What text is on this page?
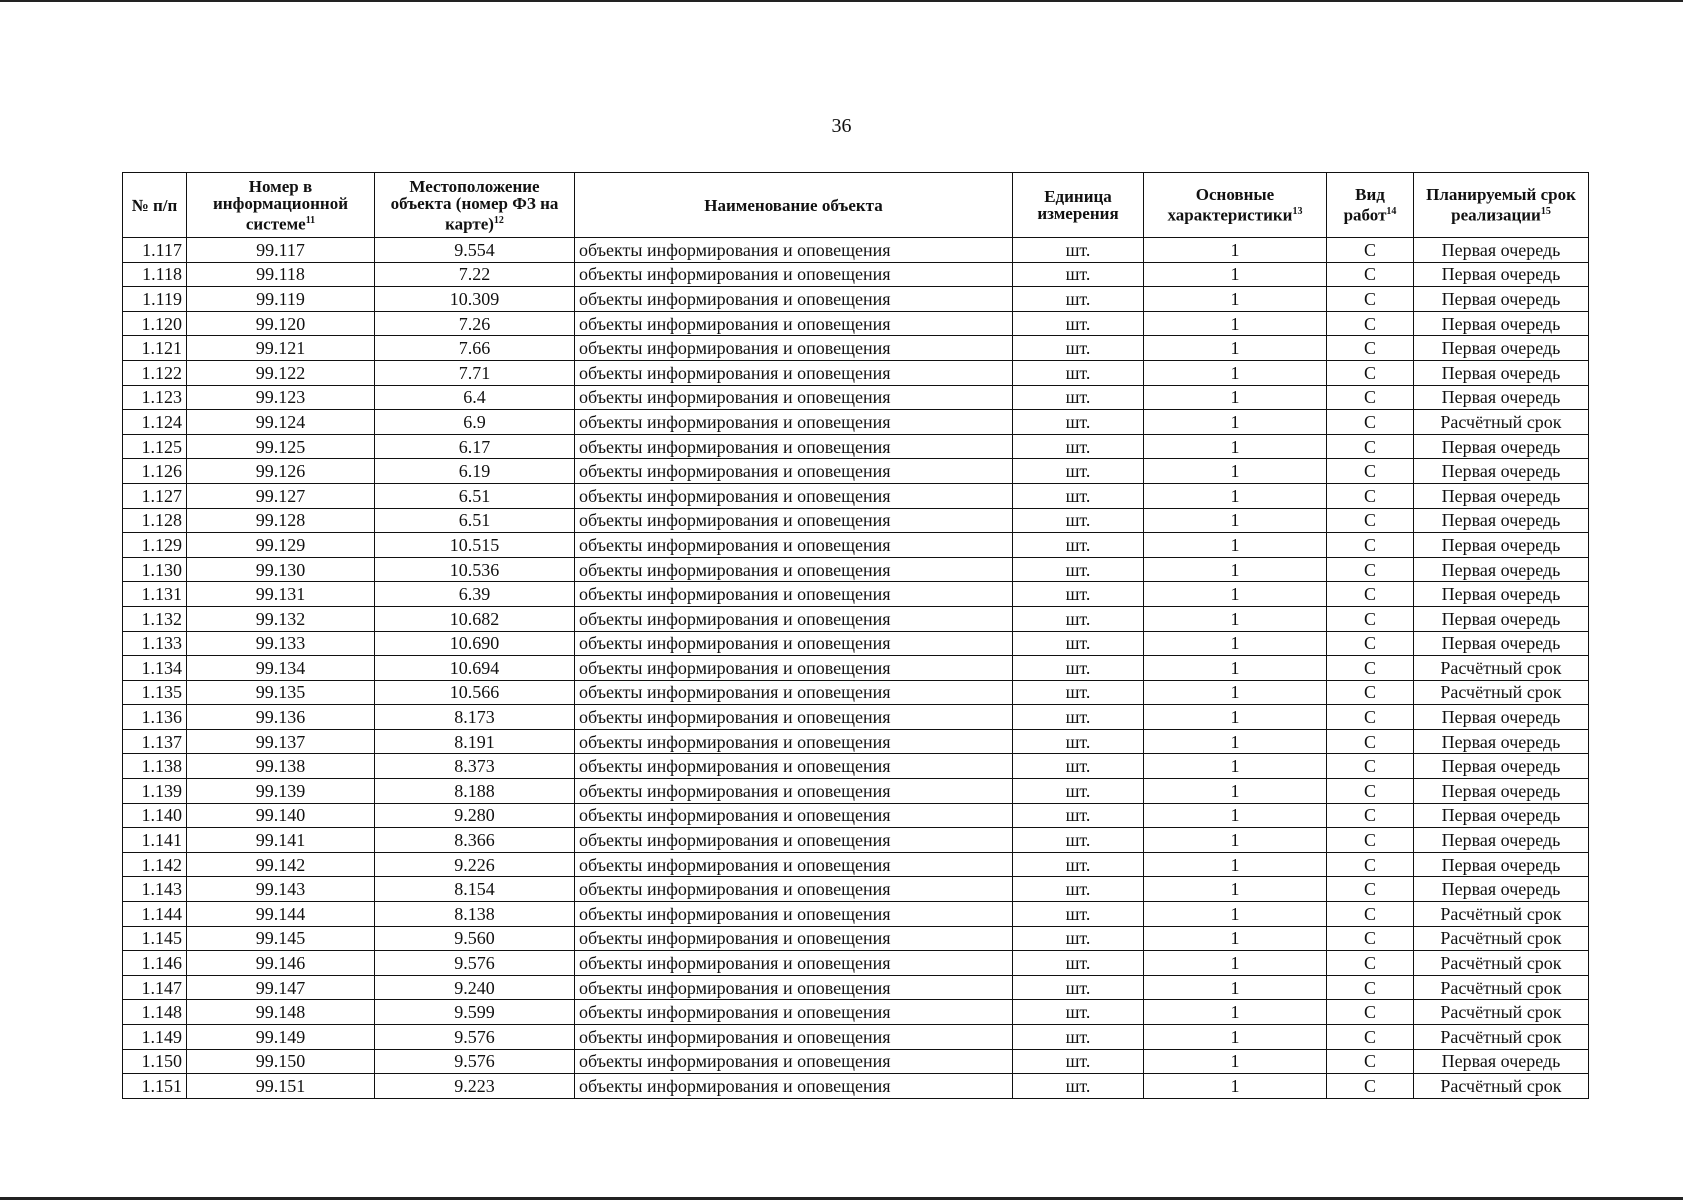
36
№ п/п	Номер в информационной системе$^{11}$	Местоположение объекта (номер ФЗ на карте)$^{12}$	Наименование объекта	Единица измерения	Основные характеристики$^{13}$	Вид работ$^{14}$	Планируемый срок реализации$^{15}$
1.117	99.117	9.554	объекты информирования и оповещения	шт.	1	С	Первая очередь
1.118	99.118	7.22	объекты информирования и оповещения	шт.	1	С	Первая очередь
1.119	99.119	10.309	объекты информирования и оповещения	шт.	1	С	Первая очередь
1.120	99.120	7.26	объекты информирования и оповещения	шт.	1	С	Первая очередь
1.121	99.121	7.66	объекты информирования и оповещения	шт.	1	С	Первая очередь
1.122	99.122	7.71	объекты информирования и оповещения	шт.	1	С	Первая очередь
1.123	99.123	6.4	объекты информирования и оповещения	шт.	1	С	Первая очередь
1.124	99.124	6.9	объекты информирования и оповещения	шт.	1	С	Расчётный срок
1.125	99.125	6.17	объекты информирования и оповещения	шт.	1	С	Первая очередь
1.126	99.126	6.19	объекты информирования и оповещения	шт.	1	С	Первая очередь
1.127	99.127	6.51	объекты информирования и оповещения	шт.	1	С	Первая очередь
1.128	99.128	6.51	объекты информирования и оповещения	шт.	1	С	Первая очередь
1.129	99.129	10.515	объекты информирования и оповещения	шт.	1	С	Первая очередь
1.130	99.130	10.536	объекты информирования и оповещения	шт.	1	С	Первая очередь
1.131	99.131	6.39	объекты информирования и оповещения	шт.	1	С	Первая очередь
1.132	99.132	10.682	объекты информирования и оповещения	шт.	1	С	Первая очередь
1.133	99.133	10.690	объекты информирования и оповещения	шт.	1	С	Первая очередь
1.134	99.134	10.694	объекты информирования и оповещения	шт.	1	С	Расчётный срок
1.135	99.135	10.566	объекты информирования и оповещения	шт.	1	С	Расчётный срок
1.136	99.136	8.173	объекты информирования и оповещения	шт.	1	С	Первая очередь
1.137	99.137	8.191	объекты информирования и оповещения	шт.	1	С	Первая очередь
1.138	99.138	8.373	объекты информирования и оповещения	шт.	1	С	Первая очередь
1.139	99.139	8.188	объекты информирования и оповещения	шт.	1	С	Первая очередь
1.140	99.140	9.280	объекты информирования и оповещения	шт.	1	С	Первая очередь
1.141	99.141	8.366	объекты информирования и оповещения	шт.	1	С	Первая очередь
1.142	99.142	9.226	объекты информирования и оповещения	шт.	1	С	Первая очередь
1.143	99.143	8.154	объекты информирования и оповещения	шт.	1	С	Первая очередь
1.144	99.144	8.138	объекты информирования и оповещения	шт.	1	С	Расчётный срок
1.145	99.145	9.560	объекты информирования и оповещения	шт.	1	С	Расчётный срок
1.146	99.146	9.576	объекты информирования и оповещения	шт.	1	С	Расчётный срок
1.147	99.147	9.240	объекты информирования и оповещения	шт.	1	С	Расчётный срок
1.148	99.148	9.599	объекты информирования и оповещения	шт.	1	С	Расчётный срок
1.149	99.149	9.576	объекты информирования и оповещения	шт.	1	С	Расчётный срок
1.150	99.150	9.576	объекты информирования и оповещения	шт.	1	С	Первая очередь
1.151	99.151	9.223	объекты информирования и оповещения	шт.	1	С	Расчётный срок
